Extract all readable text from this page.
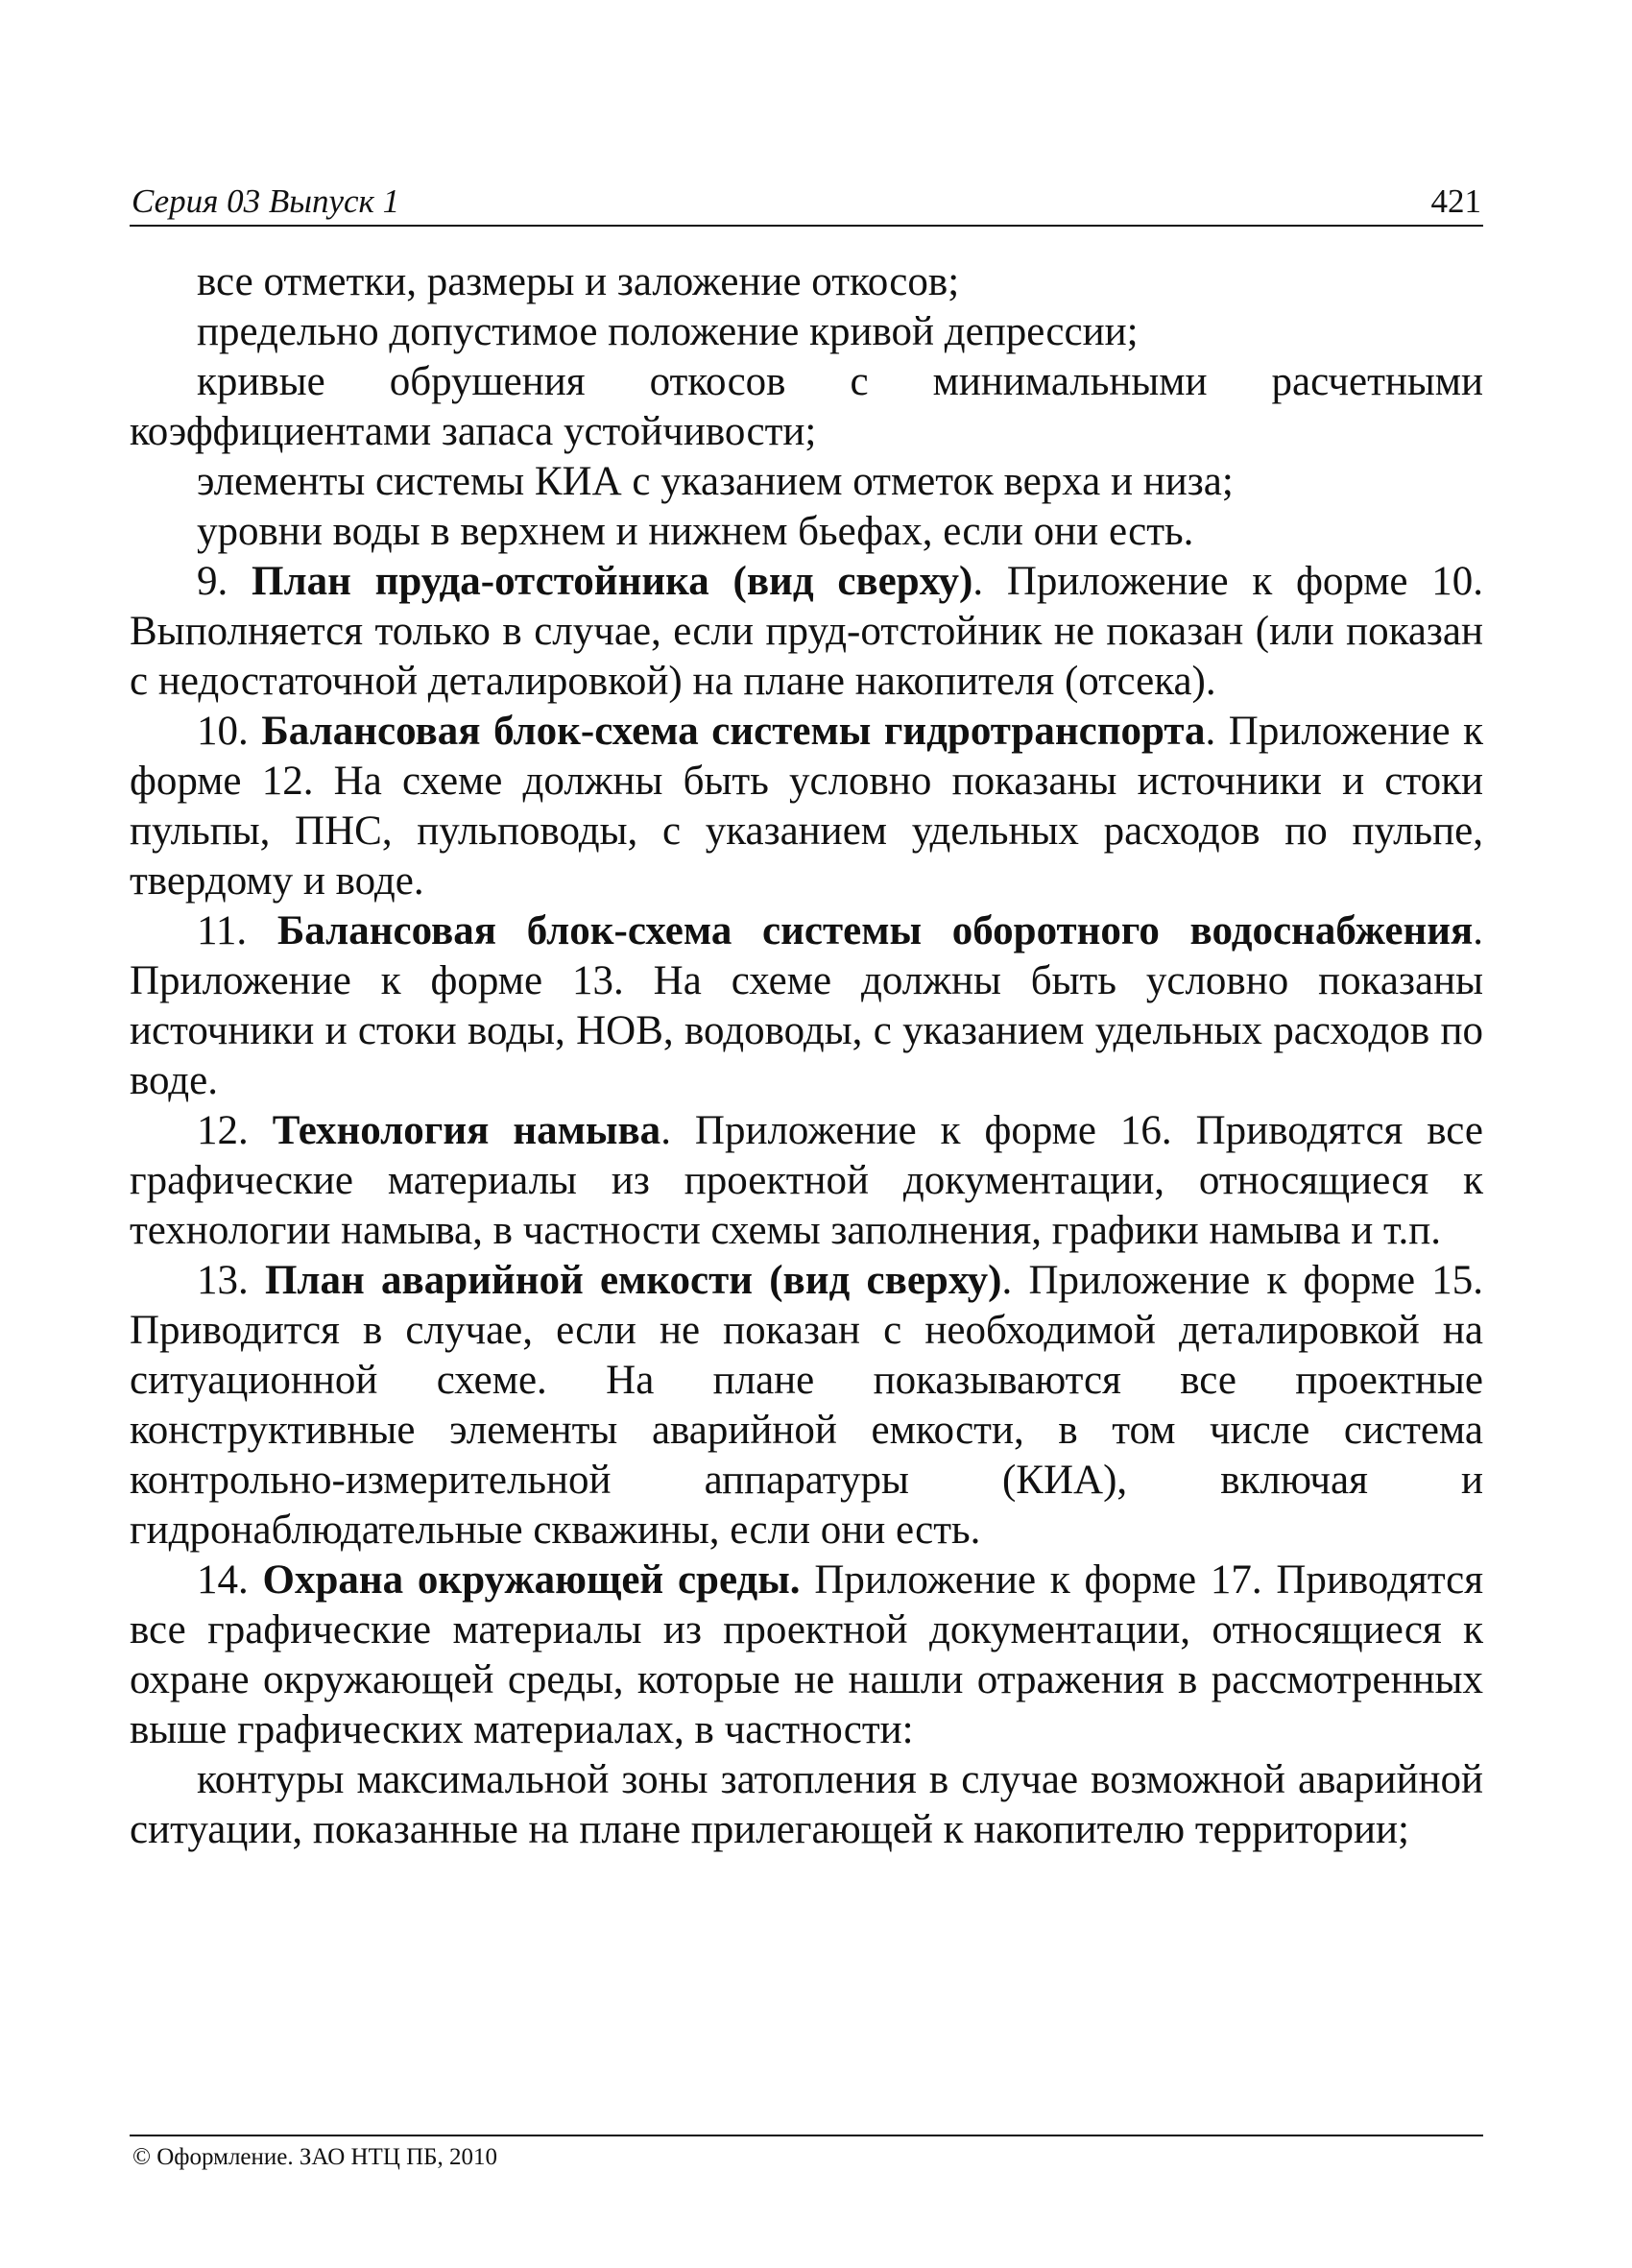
Серия 03 Выпуск 1	421

все отметки, размеры и заложение откосов;

предельно допустимое положение кривой депрессии;

кривые обрушения откосов с минимальными расчетными коэффициентами запаса устойчивости;

элементы системы КИА с указанием отметок верха и низа;

уровни воды в верхнем и нижнем бьефах, если они есть.

9. План пруда-отстойника (вид сверху). Приложение к форме 10. Выполняется только в случае, если пруд-отстойник не показан (или показан с недостаточной деталировкой) на плане накопителя (отсека).

10. Балансовая блок-схема системы гидротранспорта. Приложение к форме 12. На схеме должны быть условно показаны источники и стоки пульпы, ПНС, пульповоды, с указанием удельных расходов по пульпе, твердому и воде.

11. Балансовая блок-схема системы оборотного водоснабжения. Приложение к форме 13. На схеме должны быть условно показаны источники и стоки воды, НОВ, водоводы, с указанием удельных расходов по воде.

12. Технология намыва. Приложение к форме 16. Приводятся все графические материалы из проектной документации, относящиеся к технологии намыва, в частности схемы заполнения, графики намыва и т.п.

13. План аварийной емкости (вид сверху). Приложение к форме 15. Приводится в случае, если не показан с необходимой деталировкой на ситуационной схеме. На плане показываются все проектные конструктивные элементы аварийной емкости, в том числе система контрольно-измерительной аппаратуры (КИА), включая и гидронаблюдательные скважины, если они есть.

14. Охрана окружающей среды. Приложение к форме 17. Приводятся все графические материалы из проектной документации, относящиеся к охране окружающей среды, которые не нашли отражения в рассмотренных выше графических материалах, в частности:

контуры максимальной зоны затопления в случае возможной аварийной ситуации, показанные на плане прилегающей к накопителю территории;

© Оформление. ЗАО НТЦ ПБ, 2010
